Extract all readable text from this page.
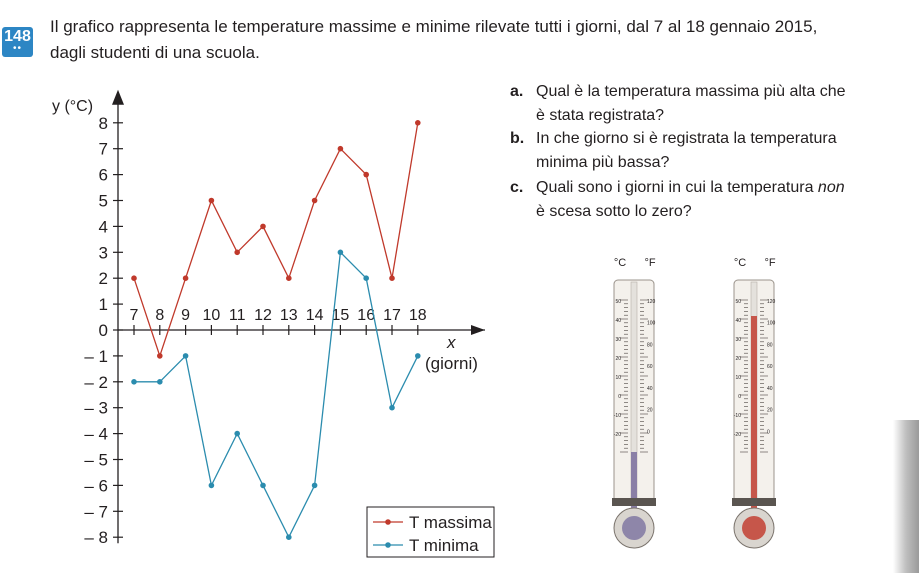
148
••
Il grafico rappresenta le temperature massime e minime rilevate tutti i giorni, dal 7 al 18 gennaio 2015,
dagli studenti di una scuola.
a. Qual è la temperatura massima più alta che è stata registrata?
b. In che giorno si è registrata la temperatura minima più bassa?
c. Quali sono i giorni in cui la temperatura non è scesa sotto lo zero?
8
7
6
5
4
3
2
1
0
– 1
– 2
– 3
– 4
– 5
– 6
– 7
– 8
7 8 9 10 11 12 13 14 15 16 17 18
y (°C)
x
(giorni)
T massima
T minima
°C °F
50
40
30
20
10
0
-10
-20
120
100
80
60
40
20
0
°C °F
50
40
30
20
10
0
-10
-20
120
100
80
60
40
20
0
